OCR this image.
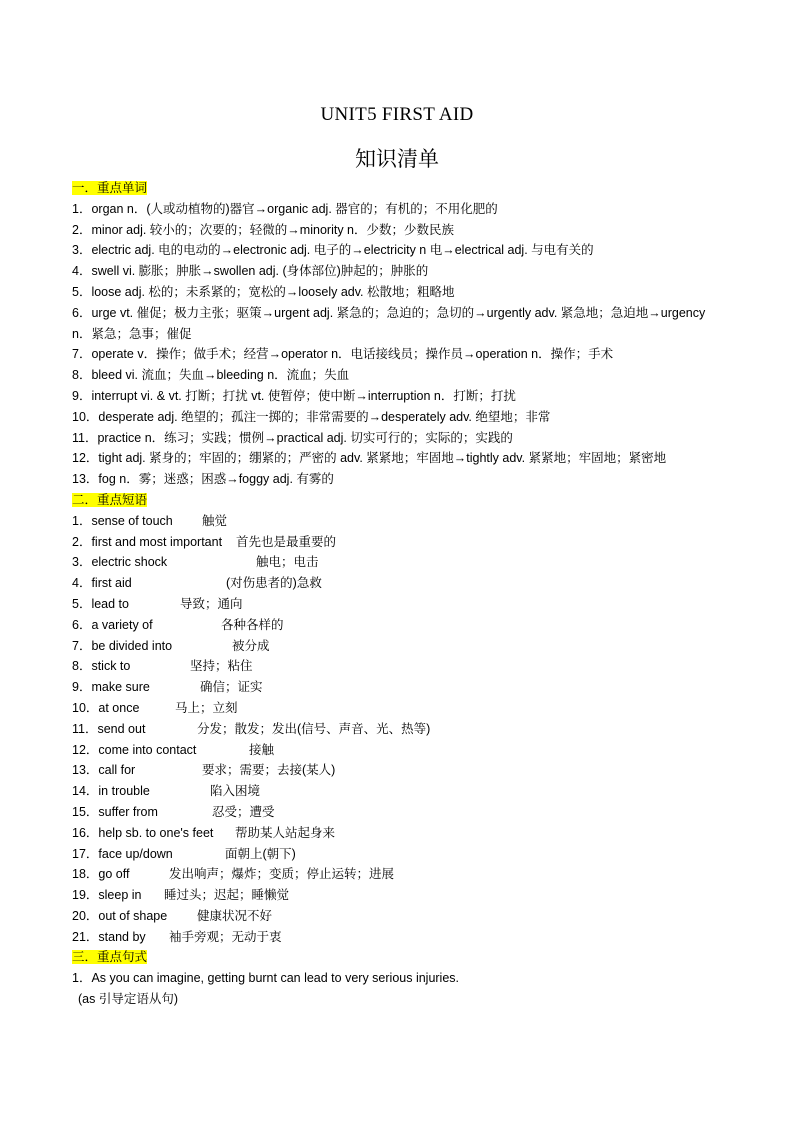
UNIT5 FIRST AID
知识清单
一．重点单词
1．organ n．(人或动植物的)器官→organic adj. 器官的；有机的；不用化肥的
2．minor adj. 较小的；次要的；轻微的→minority n．少数；少数民族
3．electric adj. 电的电动的→electronic adj. 电子的→electricity n 电→electrical adj. 与电有关的
4．swell vi. 膨胀；肿胀→swollen adj. (身体部位)肿起的；肿胀的
5．loose adj. 松的；未系紧的；宽松的→loosely adv. 松散地；粗略地
6．urge vt. 催促；极力主张；驱策→urgent adj. 紧急的；急迫的；急切的→urgently adv. 紧急地；急迫地→urgency
n．紧急；急事；催促
7．operate v．操作；做手术；经营→operator n．电话接线员；操作员→operation n．操作；手术
8．bleed vi. 流血；失血→bleeding n．流血；失血
9．interrupt vi. & vt. 打断；打扰 vt. 使暂停；使中断→interruption n．打断；打扰
10．desperate adj. 绝望的；孤注一掷的；非常需要的→desperately adv. 绝望地；非常
11．practice n．练习；实践；惯例→practical adj. 切实可行的；实际的；实践的
12．tight adj. 紧身的；牢固的；绷紧的；严密的 adv. 紧紧地；牢固地→tightly adv. 紧紧地；牢固地；紧密地
13．fog n．雾；迷惑；困惑→foggy adj. 有雾的
二．重点短语
1．sense of touch 触觉
2．first and most important 首先也是最重要的
3．electric shock	触电；电击
4．first aid	(对伤患者的)急救
5．lead to	导致；通向
6．a variety of	各种各样的
7．be divided into	被分成
8．stick to	坚持；粘住
9．make sure	确信；证实
10．at once	马上；立刻
11．send out	分发；散发；发出(信号、声音、光、热等)
12．come into contact	接触
13．call for	要求；需要；去接(某人)
14．in trouble	陷入困境
15．suffer from	忍受；遭受
16．help sb. to one's feet 帮助某人站起身来
17．face up/down	面朝上(朝下)
18．go off	发出响声；爆炸；变质；停止运转；进展
19．sleep in 睡过头；迟起；睡懒觉
20．out of shape 健康状况不好
21．stand by 袖手旁观；无动于衷
三．重点句式
1．As you can imagine, getting burnt can lead to very serious injuries.
(as 引导定语从句)
